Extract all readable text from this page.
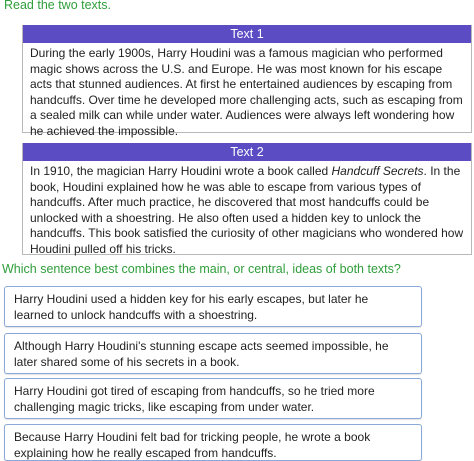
Read the two texts.
Text 1
During the early 1900s, Harry Houdini was a famous magician who performed magic shows across the U.S. and Europe. He was most known for his escape acts that stunned audiences. At first he entertained audiences by escaping from handcuffs. Over time he developed more challenging acts, such as escaping from a sealed milk can while under water. Audiences were always left wondering how he achieved the impossible.
Text 2
In 1910, the magician Harry Houdini wrote a book called Handcuff Secrets. In the book, Houdini explained how he was able to escape from various types of handcuffs. After much practice, he discovered that most handcuffs could be unlocked with a shoestring. He also often used a hidden key to unlock the handcuffs. This book satisfied the curiosity of other magicians who wondered how Houdini pulled off his tricks.
Which sentence best combines the main, or central, ideas of both texts?
Harry Houdini used a hidden key for his early escapes, but later he learned to unlock handcuffs with a shoestring.
Although Harry Houdini's stunning escape acts seemed impossible, he later shared some of his secrets in a book.
Harry Houdini got tired of escaping from handcuffs, so he tried more challenging magic tricks, like escaping from under water.
Because Harry Houdini felt bad for tricking people, he wrote a book explaining how he really escaped from handcuffs.
